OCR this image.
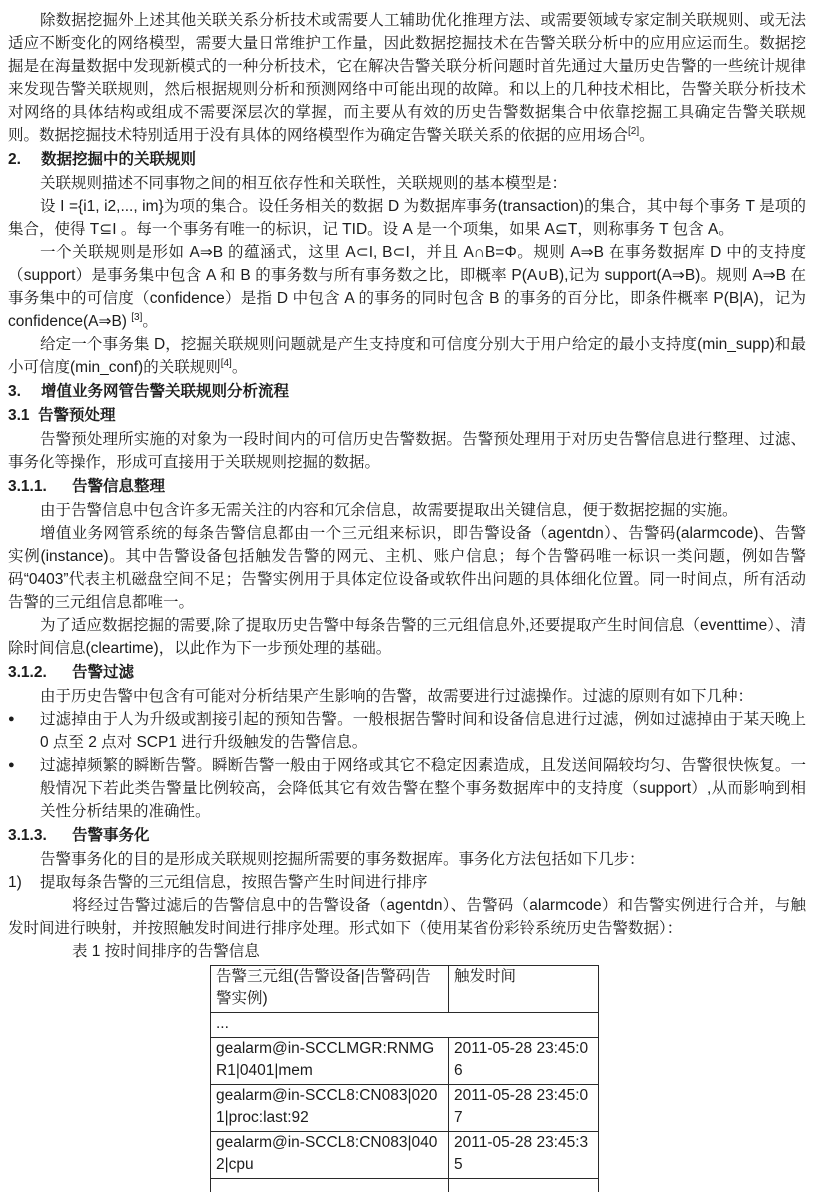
除数据挖掘外上述其他关联关系分析技术或需要人工辅助优化推理方法、或需要领域专家定制关联规则、或无法适应不断变化的网络模型，需要大量日常维护工作量，因此数据挖掘技术在告警关联分析中的应用应运而生。数据挖掘是在海量数据中发现新模式的一种分析技术，它在解决告警关联分析问题时首先通过大量历史告警的一些统计规律来发现告警关联规则，然后根据规则分析和预测网络中可能出现的故障。和以上的几种技术相比，告警关联分析技术对网络的具体结构或组成不需要深层次的掌握，而主要从有效的历史告警数据集合中依靠挖掘工具确定告警关联规则。数据挖掘技术特别适用于没有具体的网络模型作为确定告警关联关系的依据的应用场合[2]。

2.	数据挖掘中的关联规则

关联规则描述不同事物之间的相互依存性和关联性，关联规则的基本模型是：

设 I ={i1, i2,..., im}为项的集合。设任务相关的数据 D 为数据库事务(transaction)的集合，其中每个事务 T 是项的集合，使得 T⊆I 。每一个事务有唯一的标识，记 TID。设 A 是一个项集，如果 A⊆T，则称事务 T 包含 A。

一个关联规则是形如 A⇒B 的蕴涵式，这里 A⊂I, B⊂I，并且 A∩B=Φ。规则 A⇒B 在事务数据库 D 中的支持度（support）是事务集中包含 A 和 B 的事务数与所有事务数之比，即概率 P(A∪B),记为 support(A⇒B)。规则 A⇒B 在事务集中的可信度（confidence）是指 D 中包含 A 的事务的同时包含 B 的事务的百分比，即条件概率 P(B|A)，记为 confidence(A⇒B) [3]。

给定一个事务集 D，挖掘关联规则问题就是产生支持度和可信度分别大于用户给定的最小支持度(min_supp)和最小可信度(min_conf)的关联规则[4]。

3.	增值业务网管告警关联规则分析流程
3.1 告警预处理

告警预处理所实施的对象为一段时间内的可信历史告警数据。告警预处理用于对历史告警信息进行整理、过滤、事务化等操作，形成可直接用于关联规则挖掘的数据。

3.1.1.	告警信息整理

由于告警信息中包含许多无需关注的内容和冗余信息，故需要提取出关键信息，便于数据挖掘的实施。

增值业务网管系统的每条告警信息都由一个三元组来标识，即告警设备（agentdn）、告警码(alarmcode)、告警实例(instance)。其中告警设备包括触发告警的网元、主机、账户信息；每个告警码唯一标识一类问题，例如告警码“0403”代表主机磁盘空间不足；告警实例用于具体定位设备或软件出问题的具体细化位置。同一时间点，所有活动告警的三元组信息都唯一。

为了适应数据挖掘的需要,除了提取历史告警中每条告警的三元组信息外,还要提取产生时间信息（eventtime）、清除时间信息(cleartime)，以此作为下一步预处理的基础。

3.1.2.	告警过滤

由于历史告警中包含有可能对分析结果产生影响的告警，故需要进行过滤操作。过滤的原则有如下几种：

●	过滤掉由于人为升级或割接引起的预知告警。一般根据告警时间和设备信息进行过滤，例如过滤掉由于某天晚上 0 点至 2 点对 SCP1 进行升级触发的告警信息。
●	过滤掉频繁的瞬断告警。瞬断告警一般由于网络或其它不稳定因素造成，且发送间隔较均匀、告警很快恢复。一般情况下若此类告警量比例较高，会降低其它有效告警在整个事务数据库中的支持度（support）,从而影响到相关性分析结果的准确性。
3.1.3.	告警事务化

告警事务化的目的是形成关联规则挖掘所需要的事务数据库。事务化方法包括如下几步：

1)	提取每条告警的三元组信息，按照告警产生时间进行排序

将经过告警过滤后的告警信息中的告警设备（agentdn）、告警码（alarmcode）和告警实例进行合并，与触发时间进行映射，并按照触发时间进行排序处理。形式如下（使用某省份彩铃系统历史告警数据）：

表 1 按时间排序的告警信息

告警三元组(告警设备|告警码|告警实例)	触发时间
...	
gealarm@in-SCCLMGR:RNMGR1|0401|mem	2011-05-28 23:45:06
gealarm@in-SCCL8:CN083|0201|proc:last:92	2011-05-28 23:45:07
gealarm@in-SCCL8:CN083|0402|cpu	2011-05-28 23:45:35
